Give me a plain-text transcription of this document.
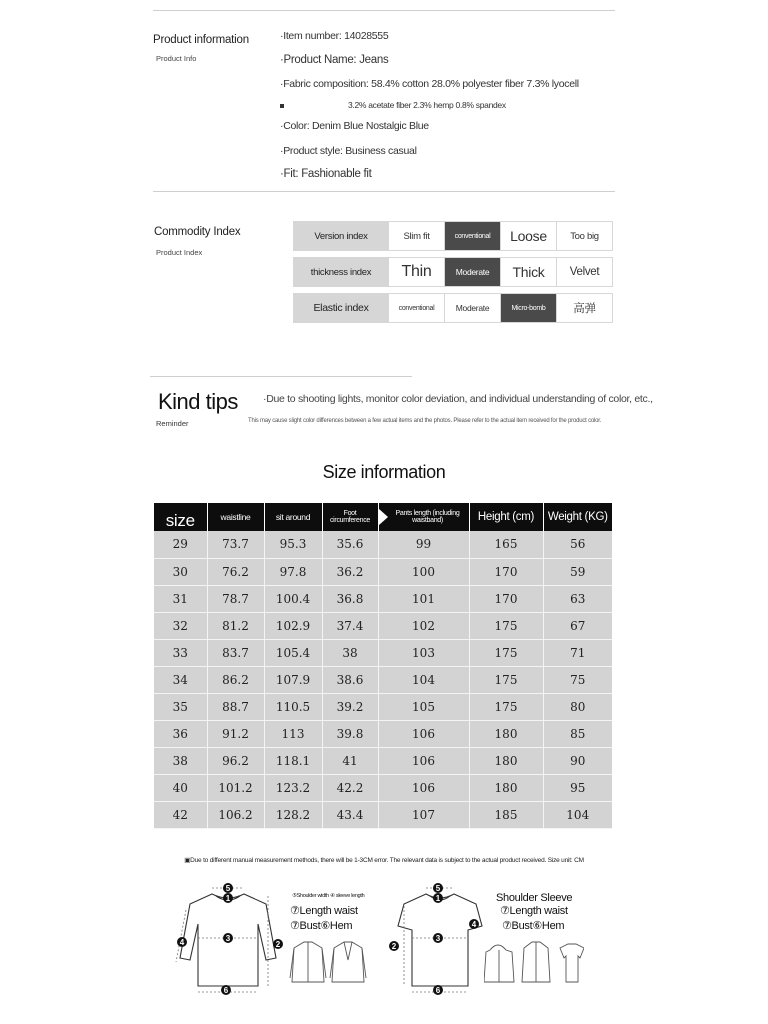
Product information
Product Info
·Item number: 14028555
·Product Name: Jeans
·Fabric composition: 58.4% cotton 28.0% polyester fiber 7.3% lyocell
3.2% acetate fiber 2.3% hemp 0.8% spandex
·Color: Denim Blue Nostalgic Blue
·Product style: Business casual
·Fit: Fashionable fit
Commodity Index
Product Index
Version index	Slim fit	conventional	Loose	Too big
thickness index	Thin	Moderate	Thick	Velvet
Elastic index	conventional	Moderate	Micro-bomb	高弹
Kind tips
Reminder
·Due to shooting lights, monitor color deviation, and individual understanding of color, etc.,
This may cause slight color differences between a few actual items and the photos. Please refer to the actual item received for the product color.
Size information
size	waistline	sit around	Foot circumference	Pants length (including waistband)	Height (cm)	Weight (KG)
29	73.7	95.3	35.6	99	165	56
30	76.2	97.8	36.2	100	170	59
31	78.7	100.4	36.8	101	170	63
32	81.2	102.9	37.4	102	175	67
33	83.7	105.4	38	103	175	71
34	86.2	107.9	38.6	104	175	75
35	88.7	110.5	39.2	105	175	80
36	91.2	113	39.8	106	180	85
38	96.2	118.1	41	106	180	90
40	101.2	123.2	42.2	106	180	95
42	106.2	128.2	43.4	107	185	104
▣Due to different manual measurement methods, there will be 1-3CM error. The relevant data is subject to the actual product received. Size unit: CM
5
1
3
4	2
6
⑤Shoulder width ④ sleeve length
⑦Length waist
⑦Bust⑥Hem
5
1
3
4
2
6
Shoulder Sleeve
⑦Length waist
⑦Bust⑥Hem
